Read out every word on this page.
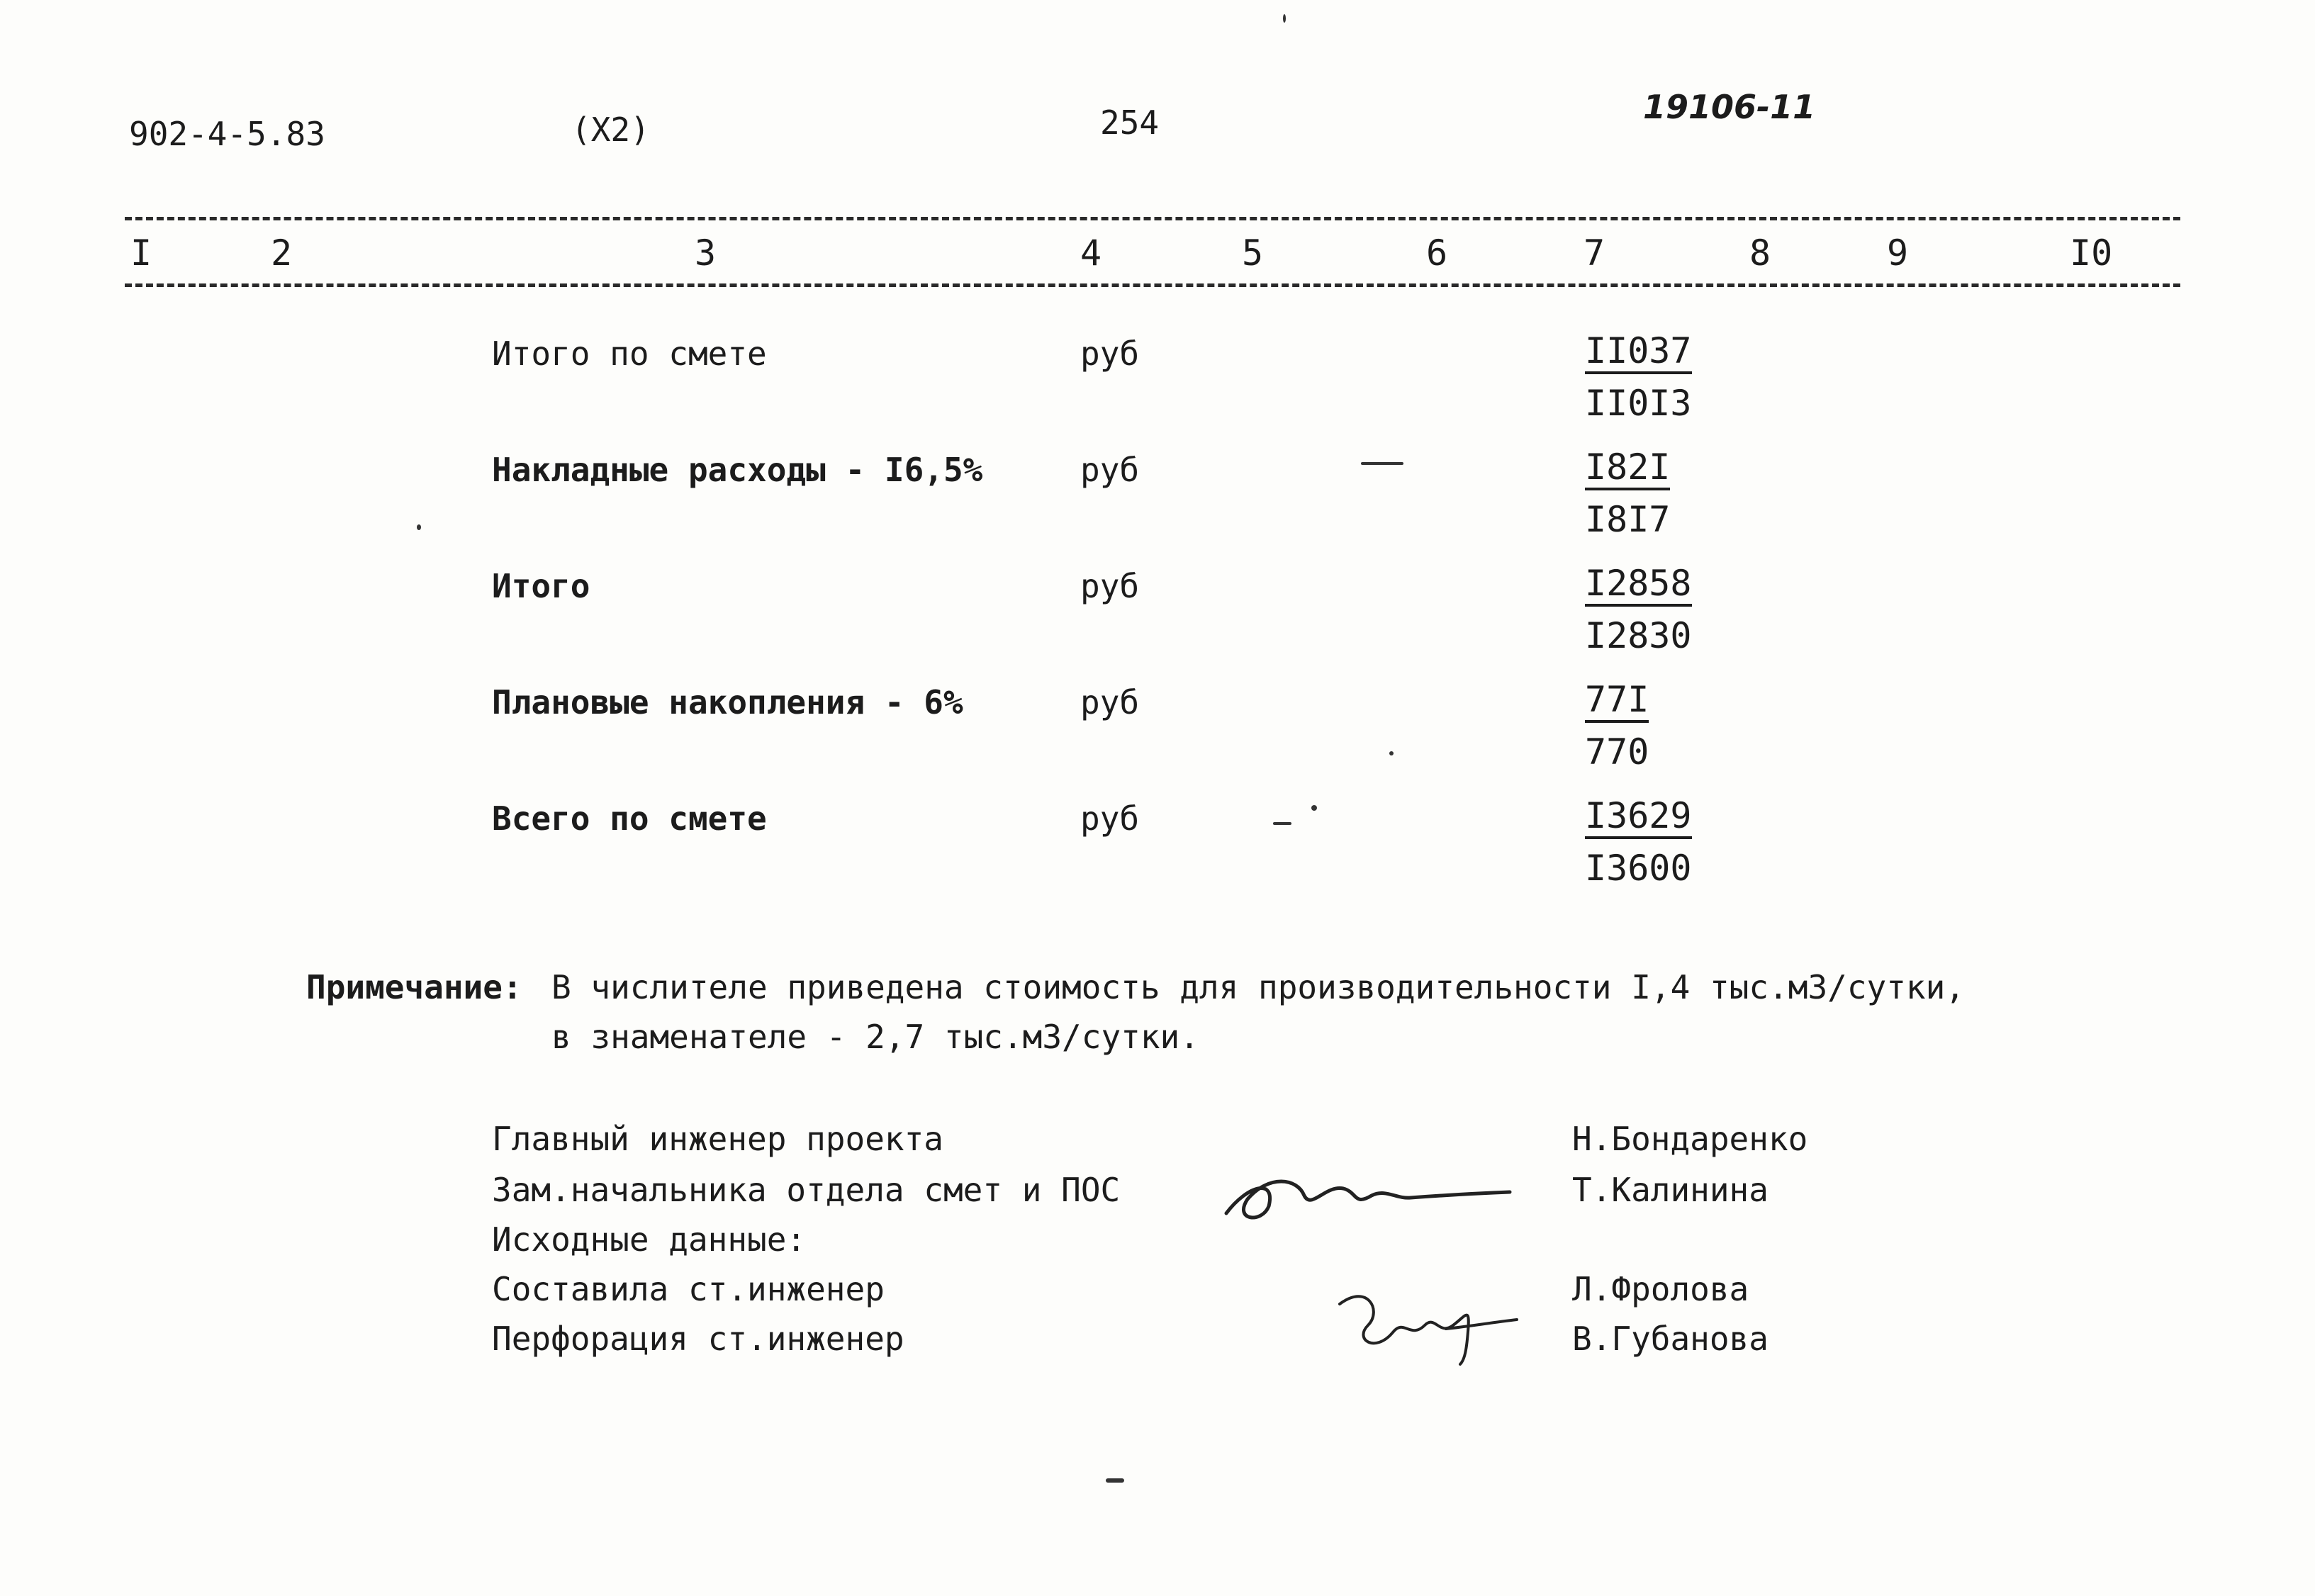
902-4-5.83	(X2)	254	19106-11
I	2	3	4	5	6	7	8	9	I0
Итого по смете	руб	$\frac{II037}{II0I3}$
Накладные расходы - I6,5%	руб	$\frac{I82I}{I8I7}$
Итого	руб	$\frac{I2858}{I2830}$
Плановые накопления - 6%	руб	$\frac{77I}{770}$
Всего по смете	руб	$\frac{I3629}{I3600}$
Примечание: В числителе приведена стоимость для производительности I,4 тыс.м3/сутки,
в знаменателе - 2,7 тыс.м3/сутки.
Главный инженер проекта	Н.Бондаренко
Зам.начальника отдела смет и ПОС	Т.Калинина
Исходные данные:
Составила ст.инженер	Л.Фролова
Перфорация ст.инженер	В.Губанова
